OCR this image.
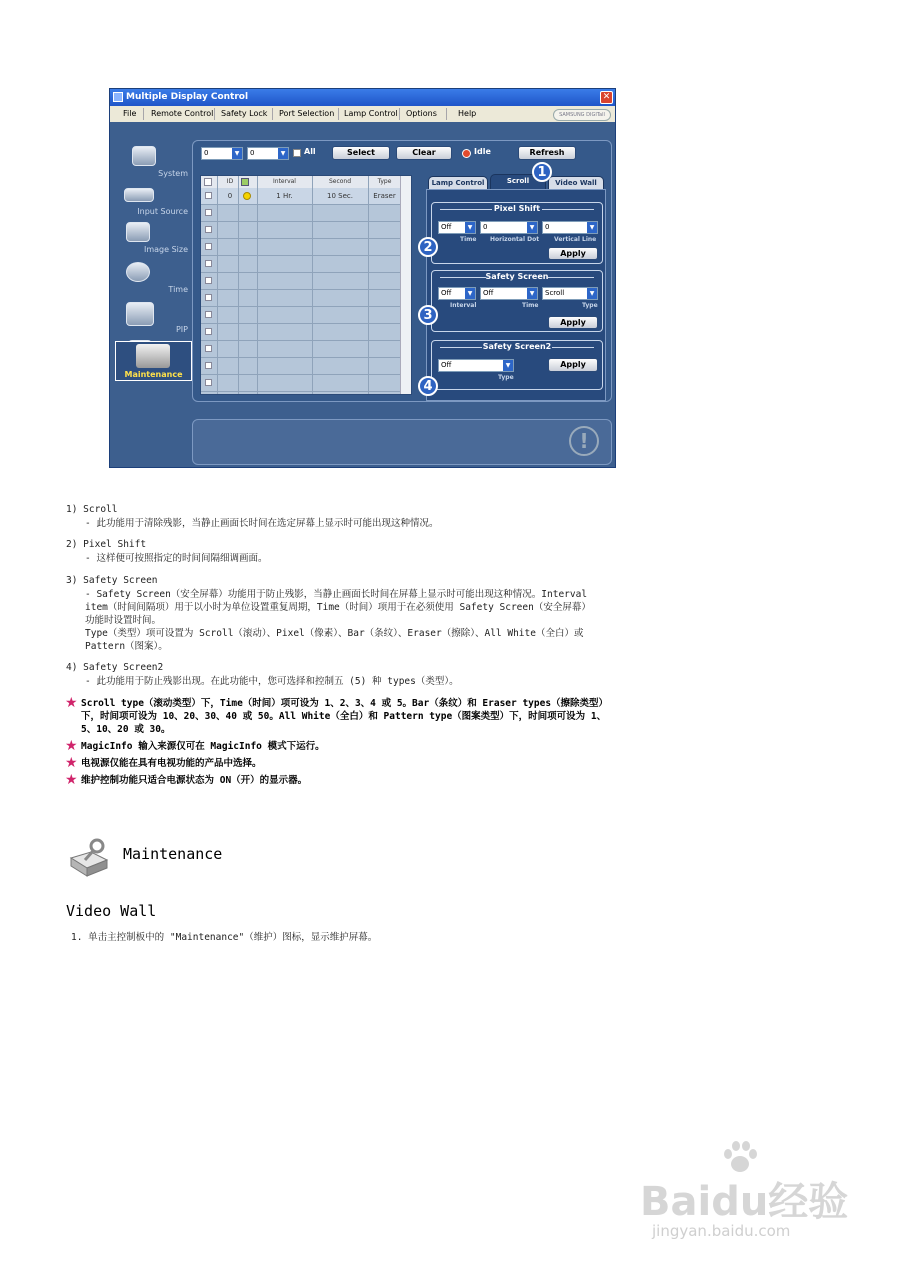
Multiple Display Control	✕
File Remote Control Safety Lock Port Selection Lamp Control Options	Help	SAMSUNG DIGITall
System
Input Source
Image Size
Time
PIP
Maintenance
0	▼	0	▼	All	Select	Clear	Idle	Refresh
ID	Interval	Second	Type
0	1 Hr.	10 Sec.	Eraser
Lamp Control	Scroll	Video Wall
Pixel Shift
Off	▼	0	▼	0	▼
Time Horizontal Dot Vertical Line
Apply
Safety Screen
Off	▼	Off	▼	Scroll	▼
Interval	Time	Type
Apply
Safety Screen2
Off	▼
Type
Apply
1
2
3
4
!
1) Scroll
- 此功能用于清除残影，当静止画面长时间在选定屏幕上显示时可能出现这种情况。
2) Pixel Shift
- 这样便可按照指定的时间间隔细调画面。
3) Safety Screen
- Safety Screen（安全屏幕）功能用于防止残影，当静止画面长时间在屏幕上显示时可能出现这种情况。Interval
item（时间间隔项）用于以小时为单位设置重复周期，Time（时间）项用于在必须使用 Safety Screen（安全屏幕）
功能时设置时间。
Type（类型）项可设置为 Scroll（滚动）、Pixel（像素）、Bar（条纹）、Eraser（擦除）、All White（全白）或
Pattern（图案）。
4) Safety Screen2
- 此功能用于防止残影出现。在此功能中，您可选择和控制五 (5) 种 types（类型）。
★ Scroll type（滚动类型）下，Time（时间）项可设为 1、2、3、4 或 5。Bar（条纹）和 Eraser types（擦除类型）
下，时间项可设为 10、20、30、40 或 50。All White（全白）和 Pattern type（图案类型）下，时间项可设为 1、
5、10、20 或 30。
★ MagicInfo 输入来源仅可在 MagicInfo 模式下运行。
★ 电视源仅能在具有电视功能的产品中选择。
★ 维护控制功能只适合电源状态为 ON（开）的显示器。
Maintenance
Video Wall
1. 单击主控制板中的 "Maintenance"（维护）图标，显示维护屏幕。
Baidu经验
jingyan.baidu.com
